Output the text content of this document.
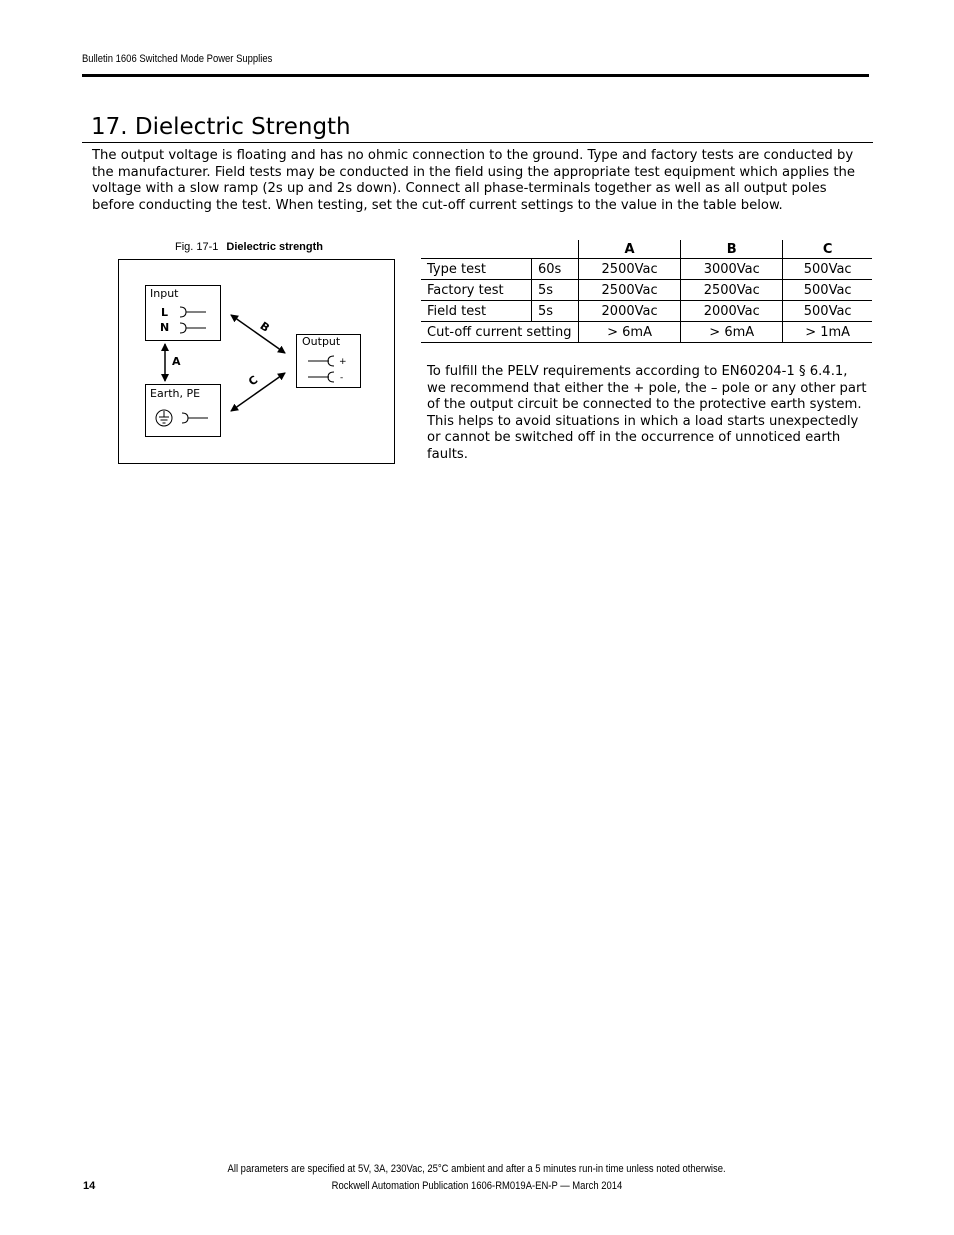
Bulletin 1606 Switched Mode Power Supplies
17. Dielectric Strength

The output voltage is floating and has no ohmic connection to the ground. Type and factory tests are conducted by the manufacturer. Field tests may be conducted in the field using the appropriate test equipment which applies the voltage with a slow ramp (2s up and 2s down). Connect all phase-terminals together as well as all output poles before conducting the test. When testing, set the cut-off current settings to the value in the table below.

Fig. 17-1 Dielectric strength
Input
L
N
Earth, PE
Output
+
-
A
B
C
		A	B	C
Type test	60s	2500Vac	3000Vac	500Vac
Factory test	5s	2500Vac	2500Vac	500Vac
Field test	5s	2000Vac	2000Vac	500Vac
Cut-off current setting		> 6mA	> 6mA	> 1mA

To fulfill the PELV requirements according to EN60204-1 § 6.4.1, we recommend that either the + pole, the – pole or any other part of the output circuit be connected to the protective earth system. This helps to avoid situations in which a load starts unexpectedly or cannot be switched off in the occurrence of unnoticed earth faults.

All parameters are specified at 5V, 3A, 230Vac, 25°C ambient and after a 5 minutes run-in time unless noted otherwise.
14	Rockwell Automation Publication 1606-RM019A-EN-P — March 2014
